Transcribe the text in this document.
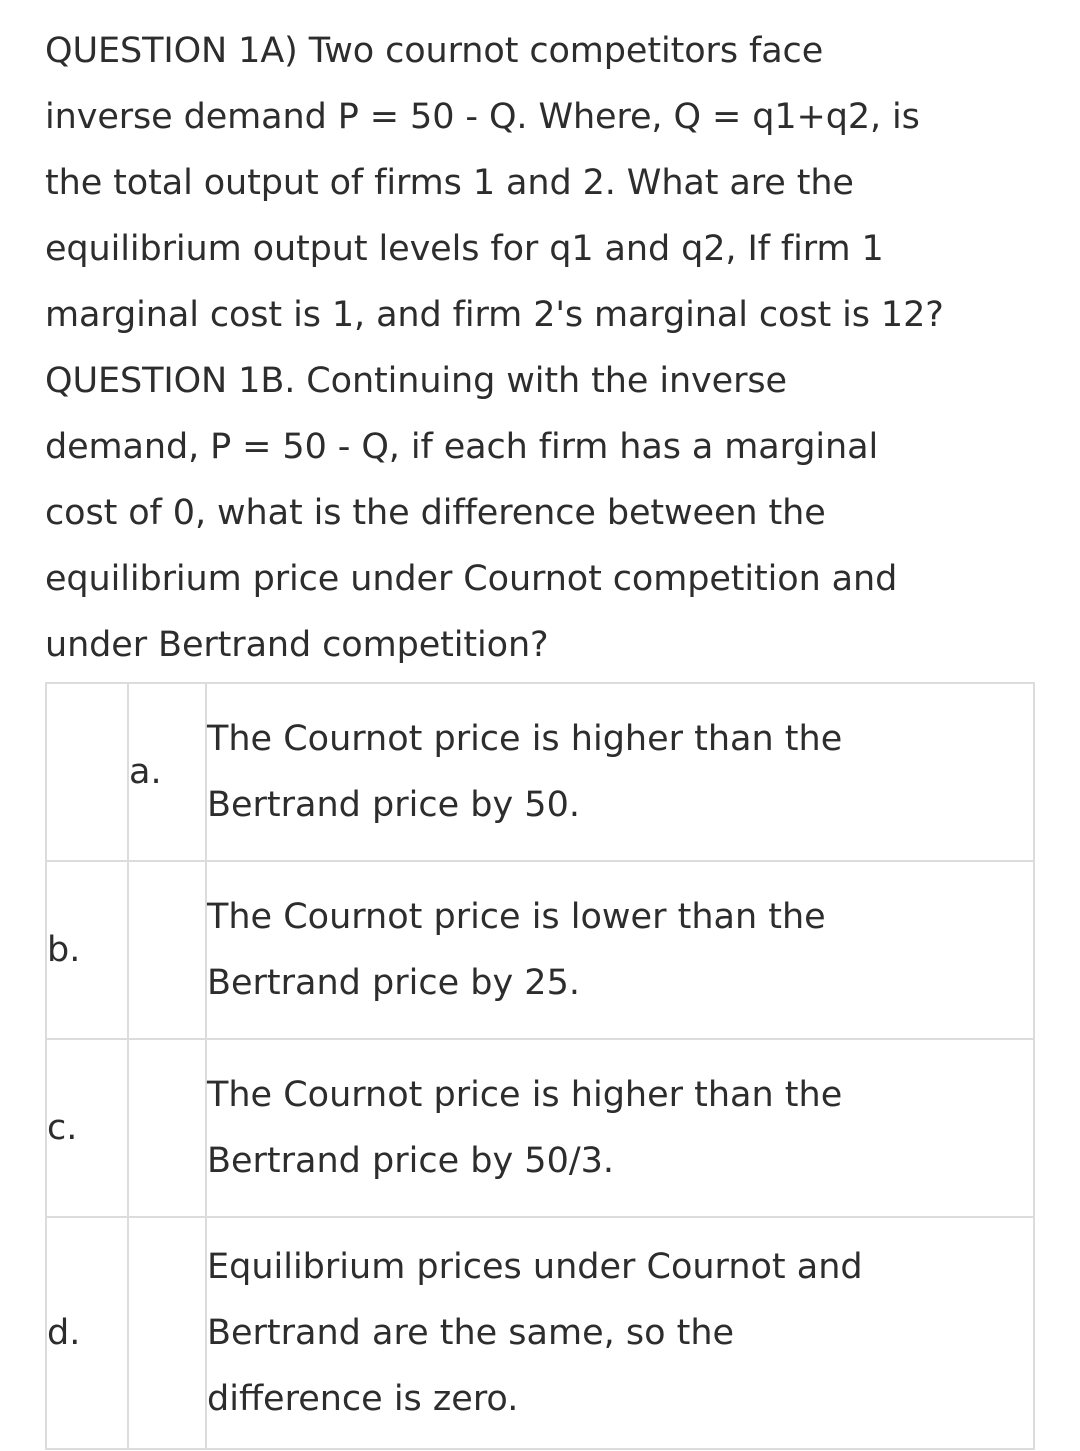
QUESTION 1A) Two cournot competitors face
inverse demand P = 50 - Q. Where, Q = q1+q2, is
the total output of firms 1 and 2. What are the
equilibrium output levels for q1 and q2, If firm 1
marginal cost is 1, and firm 2's marginal cost is 12?
QUESTION 1B. Continuing with the inverse
demand, P = 50 - Q, if each firm has a marginal
cost of 0, what is the difference between the
equilibrium price under Cournot competition and
under Bertrand competition?
	a.	The Cournot price is higher than the
Bertrand price by 50.

b.		The Cournot price is lower than the
Bertrand price by 25.

c.		The Cournot price is higher than the
Bertrand price by 50/3.

d.		Equilibrium prices under Cournot and
Bertrand are the same, so the
difference is zero.
